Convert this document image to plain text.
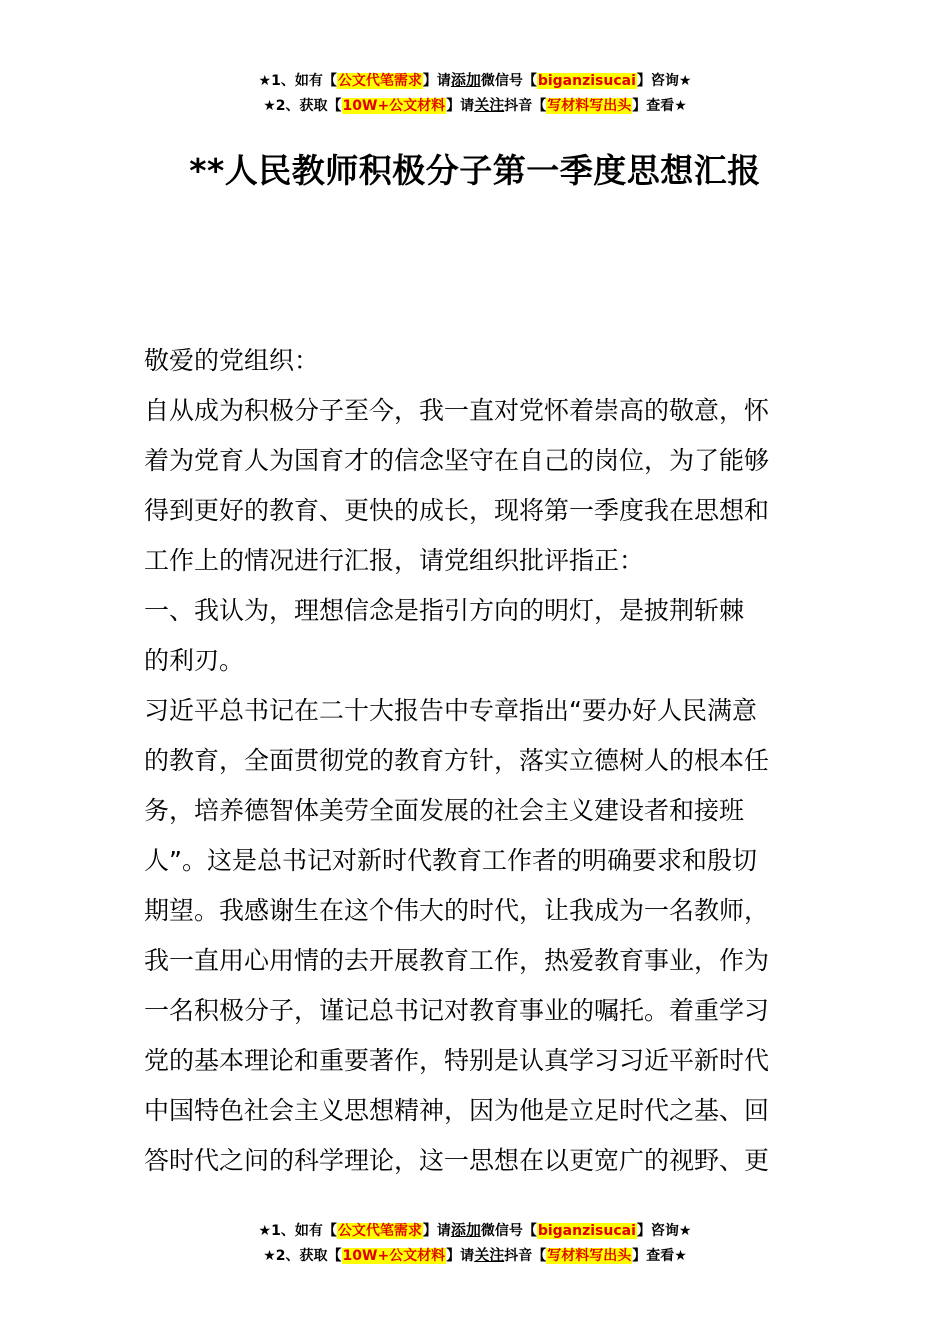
★1、如有【公文代笔需求】请添加微信号【biganzisucai】咨询★
★2、获取【10W+公文材料】请关注抖音【写材料写出头】查看★
**人民教师积极分子第一季度思想汇报
敬爱的党组织：
自从成为积极分子至今，我一直对党怀着崇高的敬意，怀
着为党育人为国育才的信念坚守在自己的岗位，为了能够
得到更好的教育、更快的成长，现将第一季度我在思想和
工作上的情况进行汇报，请党组织批评指正：
一、我认为，理想信念是指引方向的明灯，是披荆斩棘
的利刃。
习近平总书记在二十大报告中专章指出“要办好人民满意
的教育，全面贯彻党的教育方针，落实立德树人的根本任
务，培养德智体美劳全面发展的社会主义建设者和接班
人”。这是总书记对新时代教育工作者的明确要求和殷切
期望。我感谢生在这个伟大的时代，让我成为一名教师，
我一直用心用情的去开展教育工作，热爱教育事业，作为
一名积极分子，谨记总书记对教育事业的嘱托。着重学习
党的基本理论和重要著作，特别是认真学习习近平新时代
中国特色社会主义思想精神，因为他是立足时代之基、回
答时代之问的科学理论，这一思想在以更宽广的视野、更
★1、如有【公文代笔需求】请添加微信号【biganzisucai】咨询★
★2、获取【10W+公文材料】请关注抖音【写材料写出头】查看★
